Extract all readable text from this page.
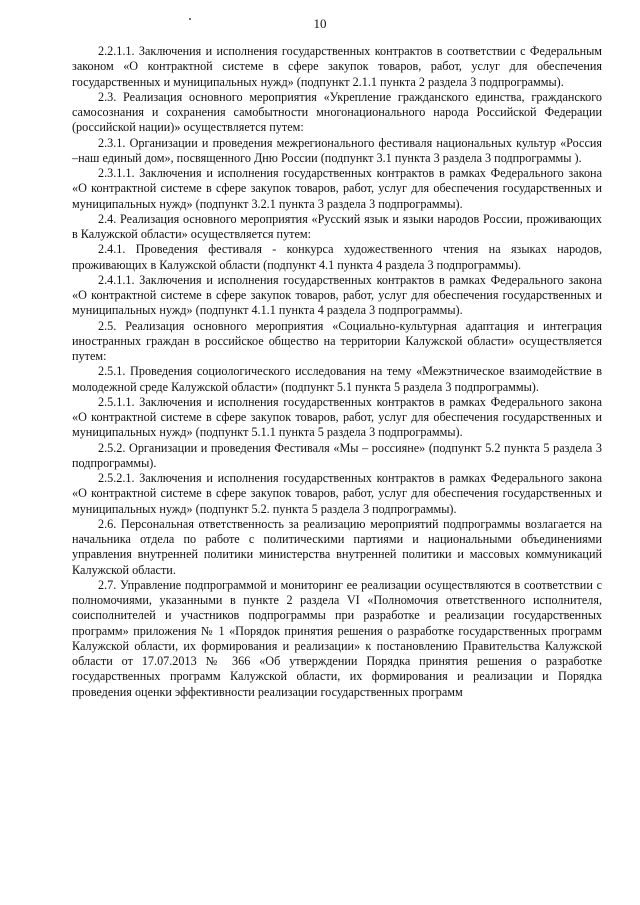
10

2.2.1.1. Заключения и исполнения государственных контрактов в соответствии с Федеральным законом «О контрактной системе в сфере закупок товаров, работ, услуг для обеспечения государственных и муниципальных нужд» (подпункт 2.1.1 пункта 2 раздела 3 подпрограммы).

2.3. Реализация основного мероприятия «Укрепление гражданского единства, гражданского самосознания и сохранения самобытности многонационального народа Российской Федерации (российской нации)» осуществляется путем:

2.3.1. Организации и проведения межрегионального фестиваля национальных культур «Россия –наш единый дом», посвященного Дню России (подпункт 3.1 пункта 3 раздела 3 подпрограммы ).

2.3.1.1. Заключения и исполнения государственных контрактов в рамках Федерального закона «О контрактной системе в сфере закупок товаров, работ, услуг для обеспечения государственных и муниципальных нужд» (подпункт 3.2.1 пункта 3 раздела 3 подпрограммы).

2.4. Реализация основного мероприятия «Русский язык и языки народов России, проживающих в Калужской области» осуществляется путем:

2.4.1. Проведения фестиваля - конкурса художественного чтения на языках народов, проживающих в Калужской области (подпункт 4.1 пункта 4 раздела 3 подпрограммы).

2.4.1.1. Заключения и исполнения государственных контрактов в рамках Федерального закона «О контрактной системе в сфере закупок товаров, работ, услуг для обеспечения государственных и муниципальных нужд» (подпункт 4.1.1 пункта 4 раздела 3 подпрограммы).

2.5. Реализация основного мероприятия «Социально-культурная адаптация и интеграция иностранных граждан в российское общество на территории Калужской области» осуществляется путем:

2.5.1. Проведения социологического исследования на тему «Межэтническое взаимодействие в молодежной среде Калужской области» (подпункт 5.1 пункта 5 раздела 3 подпрограммы).

2.5.1.1. Заключения и исполнения государственных контрактов в рамках Федерального закона «О контрактной системе в сфере закупок товаров, работ, услуг для обеспечения государственных и муниципальных нужд» (подпункт 5.1.1 пункта 5 раздела 3 подпрограммы).

2.5.2. Организации и проведения Фестиваля «Мы – россияне» (подпункт 5.2 пункта 5 раздела 3 подпрограммы).

2.5.2.1. Заключения и исполнения государственных контрактов в рамках Федерального закона «О контрактной системе в сфере закупок товаров, работ, услуг для обеспечения государственных и муниципальных нужд» (подпункт 5.2. пункта 5 раздела 3 подпрограммы).

2.6. Персональная ответственность за реализацию мероприятий подпрограммы возлагается на начальника отдела по работе с политическими партиями и национальными объединениями управления внутренней политики министерства внутренней политики и массовых коммуникаций Калужской области.

2.7. Управление подпрограммой и мониторинг ее реализации осуществляются в соответствии с полномочиями, указанными в пункте 2 раздела VI «Полномочия ответственного исполнителя, соисполнителей и участников подпрограммы при разработке и реализации государственных программ» приложения № 1 «Порядок принятия решения о разработке государственных программ Калужской области, их формирования и реализации» к постановлению Правительства Калужской области от 17.07.2013 № 366 «Об утверждении Порядка принятия решения о разработке государственных программ Калужской области, их формирования и реализации и Порядка проведения оценки эффективности реализации государственных программ
